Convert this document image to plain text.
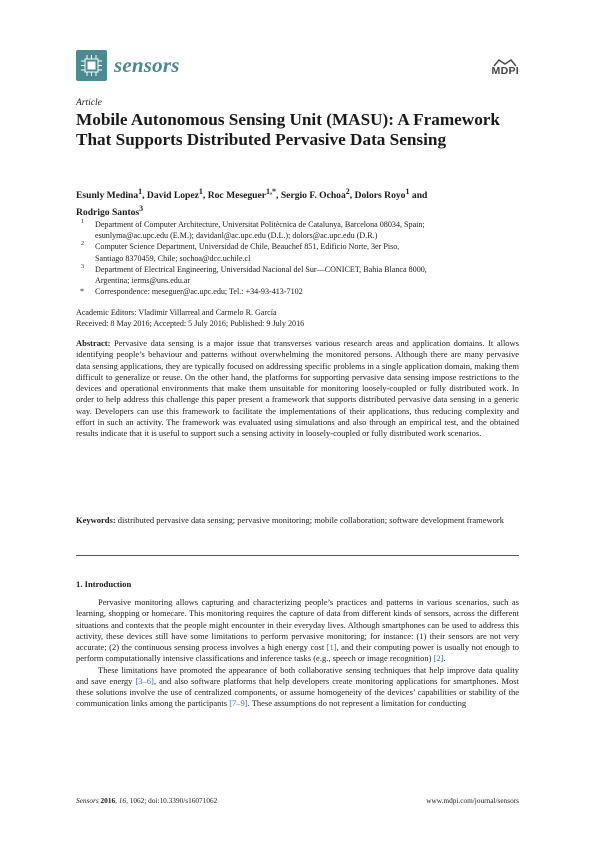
sensors	MDPI
Article
Mobile Autonomous Sensing Unit (MASU): A Framework That Supports Distributed Pervasive Data Sensing
Esunly Medina$^1$, David Lopez$^1$, Roc Meseguer$^{1,*}$, Sergio F. Ochoa$^2$, Dolors Royo$^1$ and
Rodrigo Santos$^3$
1 Department of Computer Architecture, Universitat Politècnica de Catalunya, Barcelona 08034, Spain;
esunlyma@ac.upc.edu (E.M.); davidanl@ac.upc.edu (D.L.); dolors@ac.upc.edu (D.R.)
2 Computer Science Department, Universidad de Chile, Beauchef 851, Edificio Norte, 3er Piso,
Santiago 8370459, Chile; sochoa@dcc.uchile.cl
3 Department of Electrical Engineering, Universidad Nacional del Sur—CONICET, Bahia Blanca 8000,
Argentina; ierms@uns.edu.ar
* Correspondence: meseguer@ac.upc.edu; Tel.: +34-93-413-7102
Academic Editors: Vladimir Villarreal and Carmelo R. García
Received: 8 May 2016; Accepted: 5 July 2016; Published: 9 July 2016
Abstract: Pervasive data sensing is a major issue that transverses various research areas and application domains. It allows identifying people’s behaviour and patterns without overwhelming the monitored persons. Although there are many pervasive data sensing applications, they are typically focused on addressing specific problems in a single application domain, making them difficult to generalize or reuse. On the other hand, the platforms for supporting pervasive data sensing impose restrictions to the devices and operational environments that make them unsuitable for monitoring loosely-coupled or fully distributed work. In order to help address this challenge this paper present a framework that supports distributed pervasive data sensing in a generic way. Developers can use this framework to facilitate the implementations of their applications, thus reducing complexity and effort in such an activity. The framework was evaluated using simulations and also through an empirical test, and the obtained results indicate that it is useful to support such a sensing activity in loosely-coupled or fully distributed work scenarios.
Keywords: distributed pervasive data sensing; pervasive monitoring; mobile collaboration; software development framework
1. Introduction

Pervasive monitoring allows capturing and characterizing people’s practices and patterns in various scenarios, such as learning, shopping or homecare. This monitoring requires the capture of data from different kinds of sensors, across the different situations and contexts that the people might encounter in their everyday lives. Although smartphones can be used to address this activity, these devices still have some limitations to perform pervasive monitoring; for instance: (1) their sensors are not very accurate; (2) the continuous sensing process involves a high energy cost [1], and their computing power is usually not enough to perform computationally intensive classifications and inference tasks (e.g., speech or image recognition) [2].

These limitations have promoted the appearance of both collaborative sensing techniques that help improve data quality and save energy [3–6], and also software platforms that help developers create monitoring applications for smartphones. Most these solutions involve the use of centralized components, or assume homogeneity of the devices’ capabilities or stability of the communication links among the participants [7–9]. These assumptions do not represent a limitation for conducting

Sensors 2016, 16, 1062; doi:10.3390/s16071062	www.mdpi.com/journal/sensors
